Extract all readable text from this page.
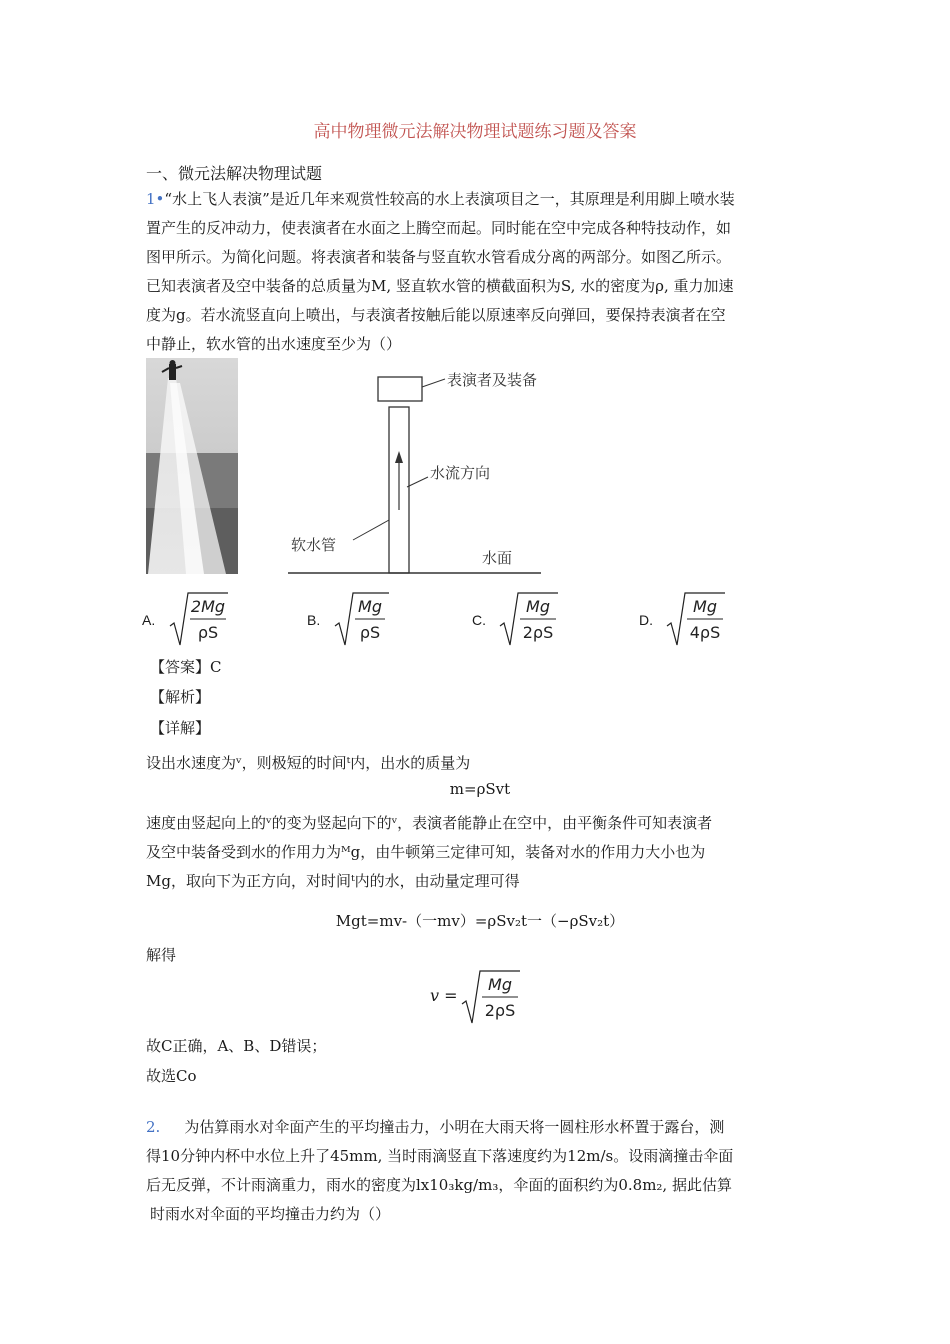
高中物理微元法解决物理试题练习题及答案
一、微元法解决物理试题
1•“水上飞人表演”是近几年来观赏性较高的水上表演项目之一，其原理是利用脚上喷水装
置产生的反冲动力，使表演者在水面之上腾空而起。同时能在空中完成各种特技动作，如
图甲所示。为简化问题。将表演者和装备与竖直软水管看成分离的两部分。如图乙所示。
已知表演者及空中装备的总质量为M, 竖直软水管的横截面积为S, 水的密度为ρ, 重力加速
度为g。若水流竖直向上喷出，与表演者按触后能以原速率反向弹回，要保持表演者在空
中静止，软水管的出水速度至少为（）
表演者及装备
水流方向
软水管
水面
A.
2Mg
ρS
B.
Mg
ρS
C.
Mg
2ρS
D.
Mg
4ρS
【答案】C
【解析】
【详解】
设出水速度为ᵛ，则极短的时间ᵗ内，出水的质量为
m=ρSvt
速度由竖起向上的ᵛ的变为竖起向下的ᵛ，表演者能静止在空中，由平衡条件可知表演者
及空中装备受到水的作用力为ᴹg，由牛顿第三定律可知，装备对水的作用力大小也为
Mg，取向下为正方向，对时间ᵗ内的水，由动量定理可得
Mgt=mv-（一mv）=ρSv₂t一（−ρSv₂t）
解得
v =
Mg
2ρS
故C正确，A、B、D错误；
故选Co
2. 为估算雨水对伞面产生的平均撞击力，小明在大雨天将一圆柱形水杯置于露台，测
得10分钟内杯中水位上升了45mm, 当时雨滴竖直下落速度约为12m/s。设雨滴撞击伞面
后无反弹，不计雨滴重力，雨水的密度为lx10₃kg/m₃，伞面的面积约为0.8m₂, 据此估算
时雨水对伞面的平均撞击力约为（）
